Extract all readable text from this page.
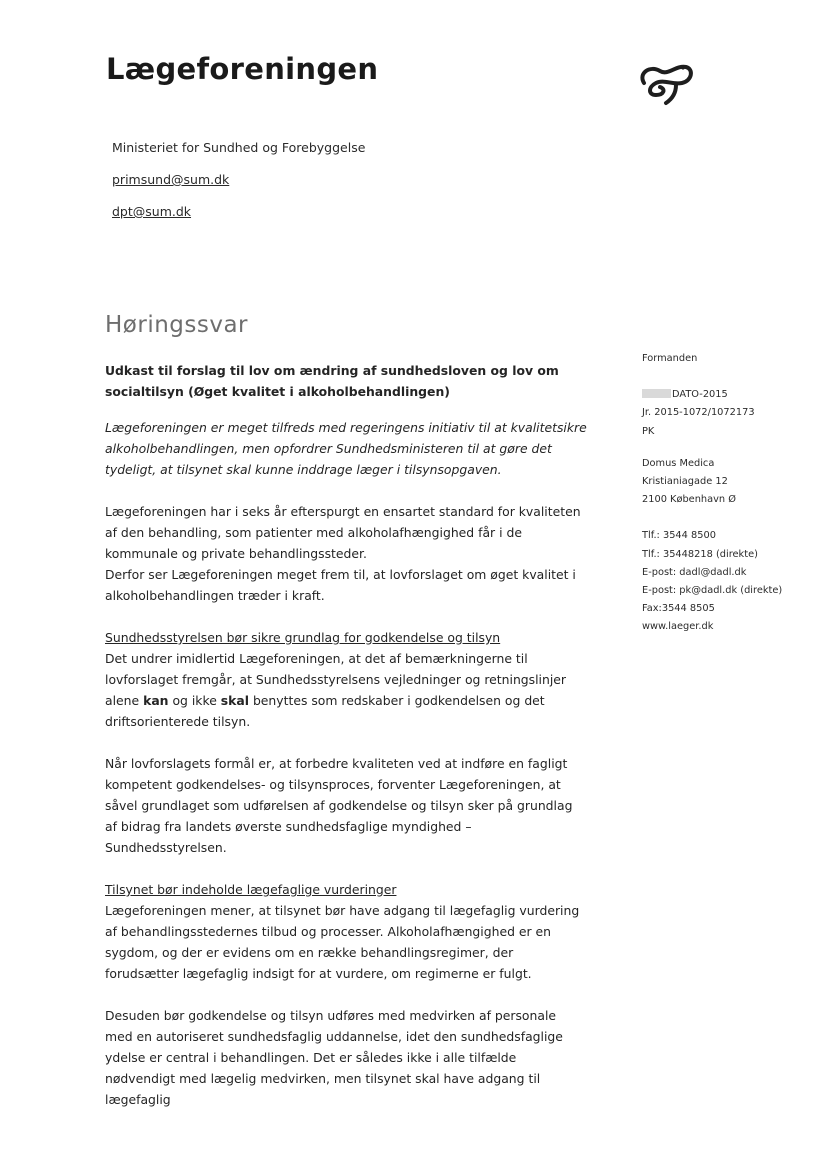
Lægeforeningen
Ministeriet for Sundhed og Forebyggelse
primsund@sum.dk
dpt@sum.dk
Høringssvar

Udkast til forslag til lov om ændring af sundhedsloven og lov om socialtilsyn (Øget kvalitet i alkoholbehandlingen)

Lægeforeningen er meget tilfreds med regeringens initiativ til at kvalitetsikre alkoholbehandlingen, men opfordrer Sundhedsministeren til at gøre det tydeligt, at tilsynet skal kunne inddrage læger i tilsynsopgaven.

Lægeforeningen har i seks år efterspurgt en ensartet standard for kvaliteten af den behandling, som patienter med alkoholafhængighed får i de kommunale og private behandlingssteder.

Derfor ser Lægeforeningen meget frem til, at lovforslaget om øget kvalitet i alkoholbehandlingen træder i kraft.

Sundhedsstyrelsen bør sikre grundlag for godkendelse og tilsyn

Det undrer imidlertid Lægeforeningen, at det af bemærkningerne til lovforslaget fremgår, at Sundhedsstyrelsens vejledninger og retningslinjer alene kan og ikke skal benyttes som redskaber i godkendelsen og det driftsorienterede tilsyn.

Når lovforslagets formål er, at forbedre kvaliteten ved at indføre en fagligt kompetent godkendelses- og tilsynsproces, forventer Lægeforeningen, at såvel grundlaget som udførelsen af godkendelse og tilsyn sker på grundlag af bidrag fra landets øverste sundhedsfaglige myndighed – Sundhedsstyrelsen.

Tilsynet bør indeholde lægefaglige vurderinger

Lægeforeningen mener, at tilsynet bør have adgang til lægefaglig vurdering af behandlingsstedernes tilbud og processer. Alkoholafhængighed er en sygdom, og der er evidens om en række behandlingsregimer, der forudsætter lægefaglig indsigt for at vurdere, om regimerne er fulgt.

Desuden bør godkendelse og tilsyn udføres med medvirken af personale med en autoriseret sundhedsfaglig uddannelse, idet den sundhedsfaglige ydelse er central i behandlingen. Det er således ikke i alle tilfælde nødvendigt med lægelig medvirken, men tilsynet skal have adgang til lægefaglig

Formanden
DATO-2015
Jr. 2015-1072/1072173
PK
Domus Medica
Kristianiagade 12
2100 København Ø
Tlf.: 3544 8500
Tlf.: 35448218 (direkte)
E-post: dadl@dadl.dk
E-post: pk@dadl.dk (direkte)
Fax:3544 8505
www.laeger.dk
